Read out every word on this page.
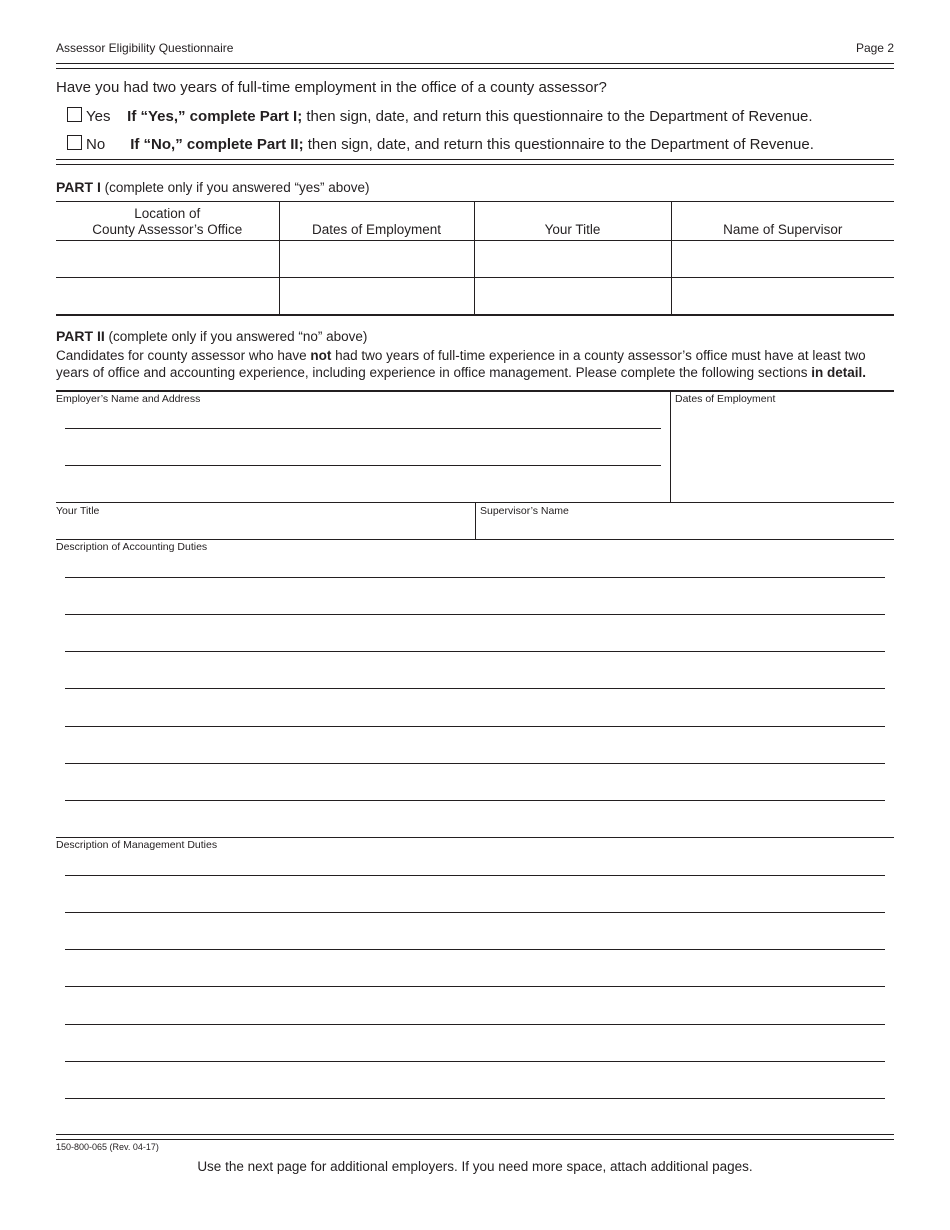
Assessor Eligibility Questionnaire	Page 2
Have you had two years of full-time employment in the office of a county assessor?
Yes If “Yes,” complete Part I; then sign, date, and return this questionnaire to the Department of Revenue.
No If “No,” complete Part II; then sign, date, and return this questionnaire to the Department of Revenue.
PART I (complete only if you answered “yes” above)
Location of
County Assessor’s Office	Dates of Employment	Your Title	Name of Supervisor

PART II (complete only if you answered “no” above)
Candidates for county assessor who have not had two years of full-time experience in a county assessor’s office must have at least two years of office and accounting experience, including experience in office management. Please complete the following sections in detail.
Employer’s Name and Address	Dates of Employment
Your Title	Supervisor’s Name
Description of Accounting Duties
Description of Management Duties
150-800-065 (Rev. 04-17)
Use the next page for additional employers. If you need more space, attach additional pages.
